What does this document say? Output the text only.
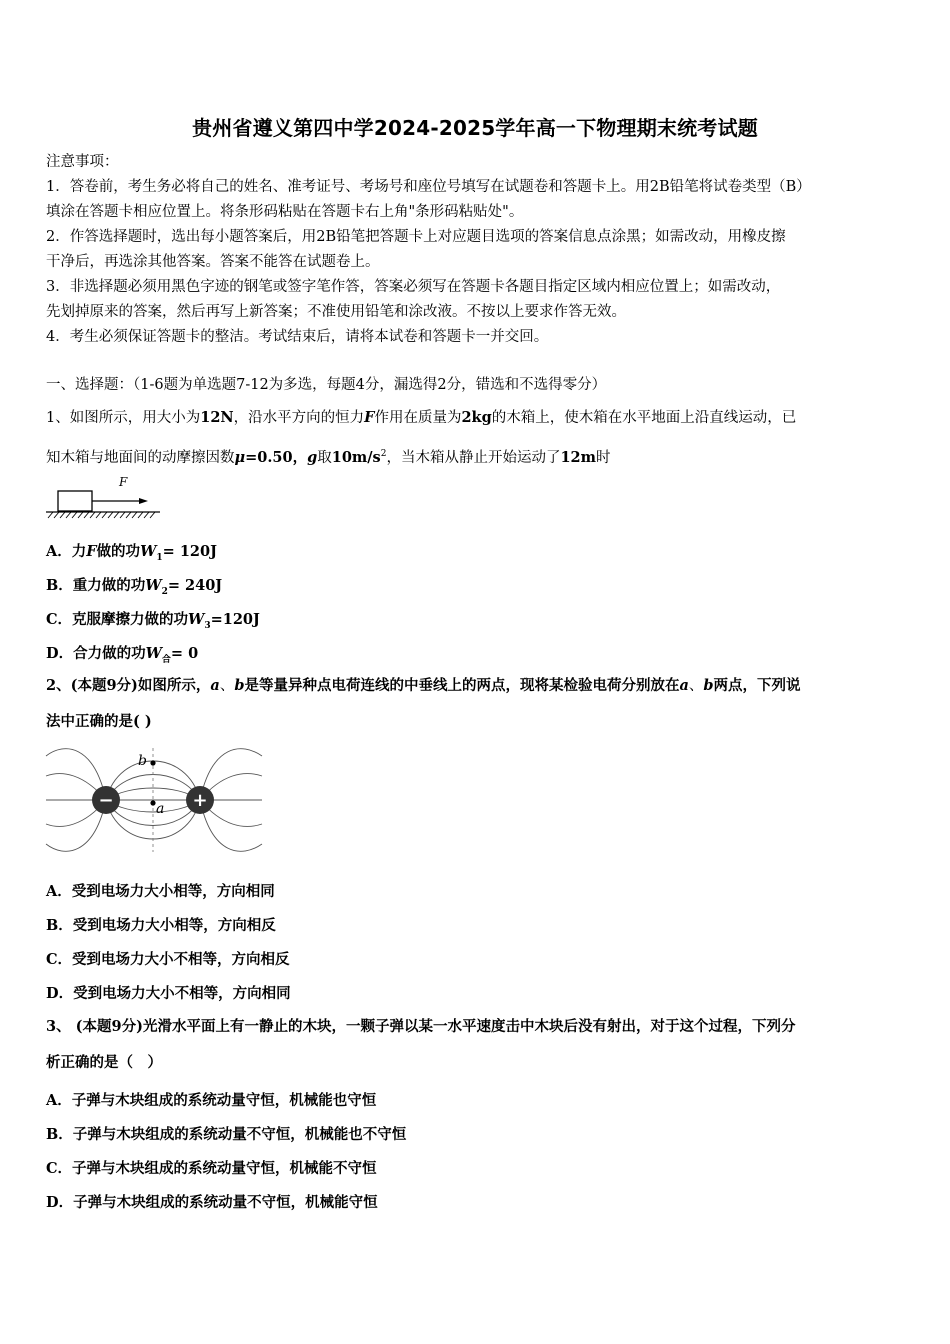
贵州省遵义第四中学2024-2025学年高一下物理期末统考试题

注意事项：

1．答卷前，考生务必将自己的姓名、准考证号、考场号和座位号填写在试题卷和答题卡上。用2B铅笔将试卷类型（B）

填涂在答题卡相应位置上。将条形码粘贴在答题卡右上角"条形码粘贴处"。

2．作答选择题时，选出每小题答案后，用2B铅笔把答题卡上对应题目选项的答案信息点涂黑；如需改动，用橡皮擦

干净后，再选涂其他答案。答案不能答在试题卷上。

3．非选择题必须用黑色字迹的钢笔或签字笔作答，答案必须写在答题卡各题目指定区域内相应位置上；如需改动，

先划掉原来的答案，然后再写上新答案；不准使用铅笔和涂改液。不按以上要求作答无效。

4．考生必须保证答题卡的整洁。考试结束后，请将本试卷和答题卡一并交回。

一、选择题：（1-6题为单选题7-12为多选，每题4分，漏选得2分，错选和不选得零分）

1、如图所示，用大小为12N，沿水平方向的恒力F作用在质量为2kg的木箱上，使木箱在水平地面上沿直线运动，已

知木箱与地面间的动摩擦因数μ=0.50，g取$10m/s^2$，当木箱从静止开始运动了12m时

F
A．力F做的功$W_1= 120J$
B．重力做的功$W_2= 240J$
C．克服摩擦力做的功$W_3=120J$
D．合力做的功$W_合= 0$

2、(本题9分)如图所示，a、b是等量异种点电荷连线的中垂线上的两点，现将某检验电荷分别放在a、b两点，下列说

法中正确的是( )

−	+
b
a
A．受到电场力大小相等，方向相同
B．受到电场力大小相等，方向相反
C．受到电场力大小不相等，方向相反
D．受到电场力大小不相等，方向相同

3、 (本题9分)光滑水平面上有一静止的木块，一颗子弹以某一水平速度击中木块后没有射出，对于这个过程，下列分

析正确的是（　）

A．子弹与木块组成的系统动量守恒，机械能也守恒
B．子弹与木块组成的系统动量不守恒，机械能也不守恒
C．子弹与木块组成的系统动量守恒，机械能不守恒
D．子弹与木块组成的系统动量不守恒，机械能守恒
